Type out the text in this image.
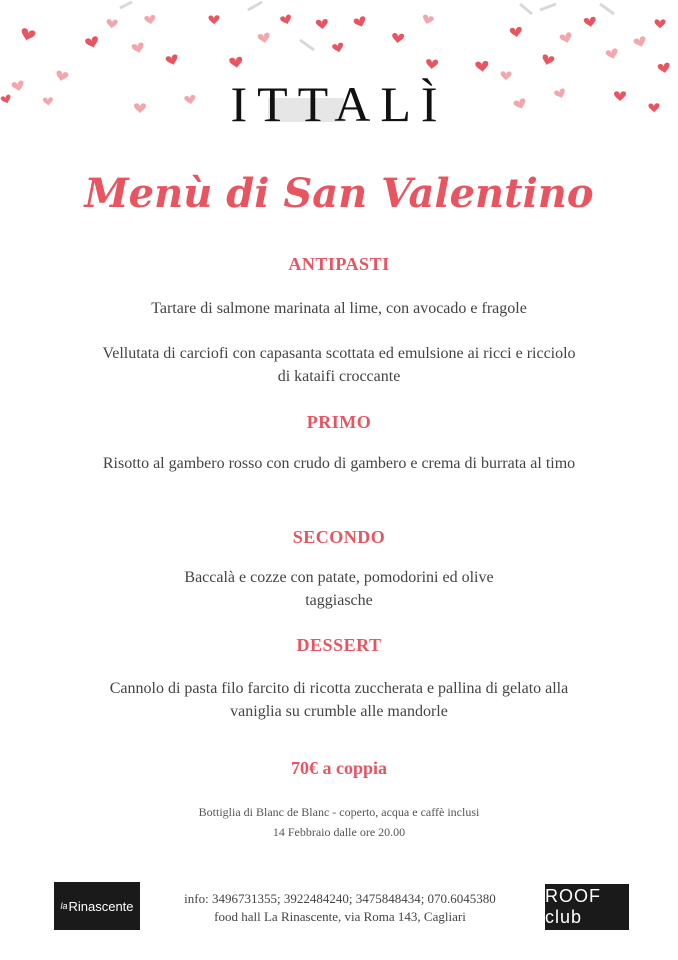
ITTALÌ
Menù di San Valentino
ANTIPASTI
Tartare di salmone marinata al lime, con avocado e fragole
Vellutata di carciofi con capasanta scottata ed emulsione ai ricci e ricciolo di kataifi croccante
PRIMO
Risotto al gambero rosso con crudo di gambero e crema di burrata al timo
SECONDO
Baccalà e cozze con patate, pomodorini ed olive taggiasche
DESSERT
Cannolo di pasta filo farcito di ricotta zuccherata e pallina di gelato alla vaniglia su crumble alle mandorle
70€ a coppia
Bottiglia di Blanc de Blanc - coperto, acqua e caffè inclusi
14 Febbraio dalle ore 20.00
la Rinascente	info: 3496731355; 3922484240; 3475848434; 070.6045380
food hall La Rinascente, via Roma 143, Cagliari
ROOF club
